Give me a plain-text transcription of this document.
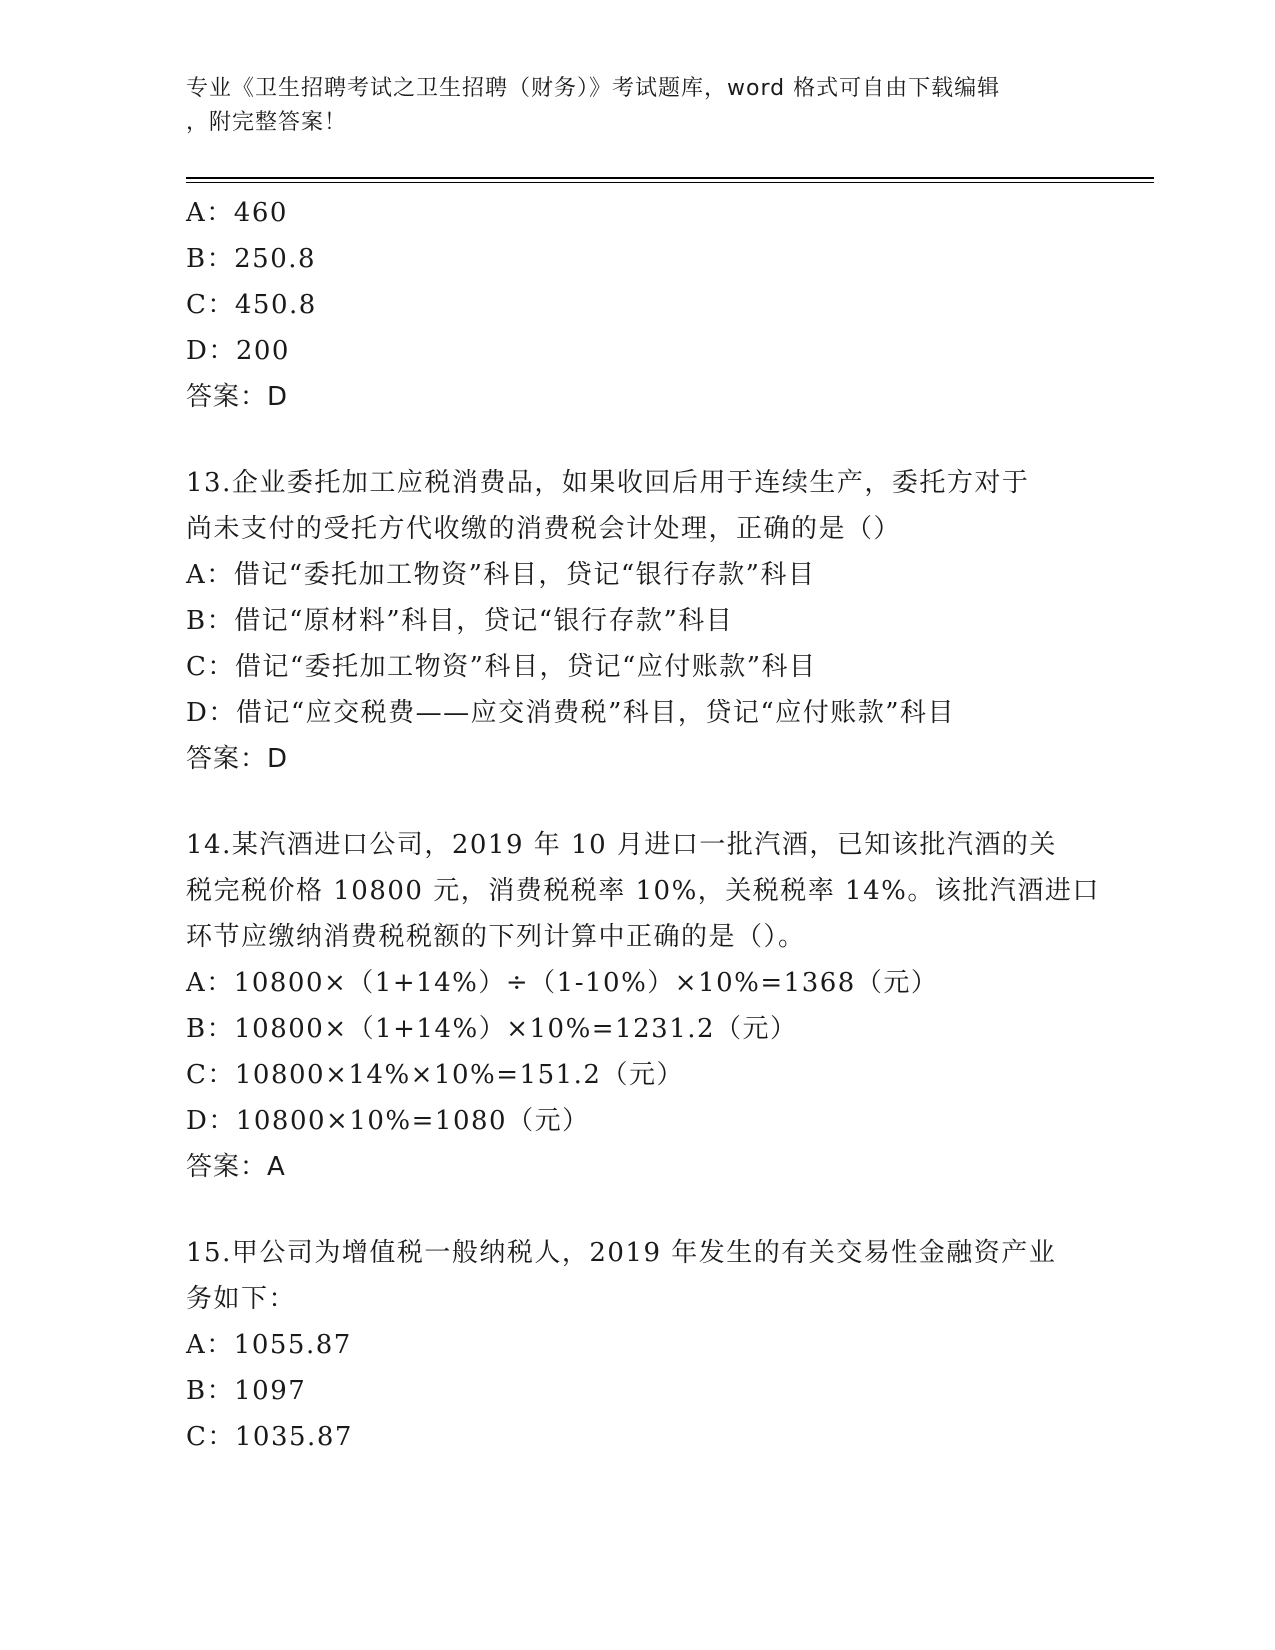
专业《卫生招聘考试之卫生招聘（财务）》考试题库，word 格式可自由下载编辑
，附完整答案！
A：460
B：250.8
C：450.8
D：200
答案：D
13.企业委托加工应税消费品，如果收回后用于连续生产，委托方对于
尚未支付的受托方代收缴的消费税会计处理，正确的是（）
A：借记“委托加工物资”科目，贷记“银行存款”科目
B：借记“原材料”科目，贷记“银行存款”科目
C：借记“委托加工物资”科目，贷记“应付账款”科目
D：借记“应交税费——应交消费税”科目，贷记“应付账款”科目
答案：D
14.某汽酒进口公司，2019 年 10 月进口一批汽酒，已知该批汽酒的关
税完税价格 10800 元，消费税税率 10%，关税税率 14%。该批汽酒进口
环节应缴纳消费税税额的下列计算中正确的是（）。
A：10800×（1+14%）÷（1-10%）×10%=1368（元）
B：10800×（1+14%）×10%=1231.2（元）
C：10800×14%×10%=151.2（元）
D：10800×10%=1080（元）
答案：A
15.甲公司为增值税一般纳税人，2019 年发生的有关交易性金融资产业
务如下：
A：1055.87
B：1097
C：1035.87
